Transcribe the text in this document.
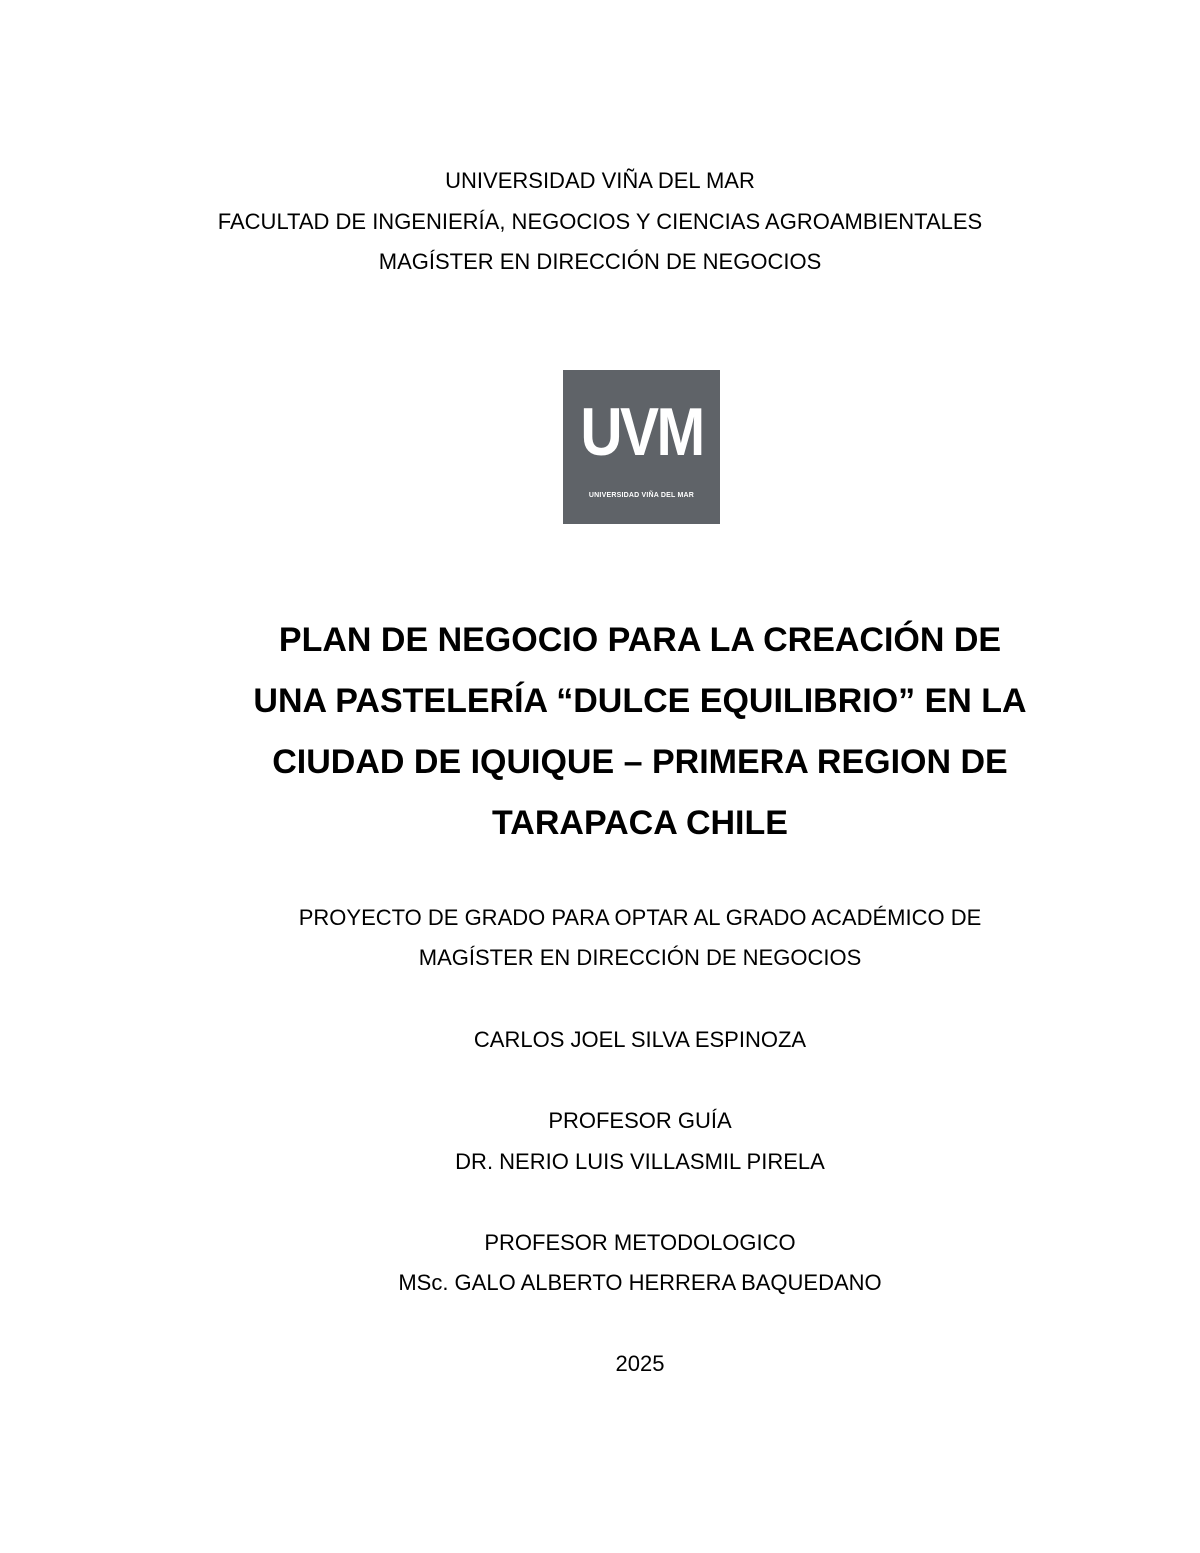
UNIVERSIDAD VIÑA DEL MAR
FACULTAD DE INGENIERÍA, NEGOCIOS Y CIENCIAS AGROAMBIENTALES
MAGÍSTER EN DIRECCIÓN DE NEGOCIOS
UVM
UNIVERSIDAD VIÑA DEL MAR
PLAN DE NEGOCIO PARA LA CREACIÓN DE
UNA PASTELERÍA “DULCE EQUILIBRIO” EN LA
CIUDAD DE IQUIQUE – PRIMERA REGION DE
TARAPACA CHILE
PROYECTO DE GRADO PARA OPTAR AL GRADO ACADÉMICO DE
MAGÍSTER EN DIRECCIÓN DE NEGOCIOS
CARLOS JOEL SILVA ESPINOZA
PROFESOR GUÍA
DR. NERIO LUIS VILLASMIL PIRELA
PROFESOR METODOLOGICO
MSc. GALO ALBERTO HERRERA BAQUEDANO
2025
